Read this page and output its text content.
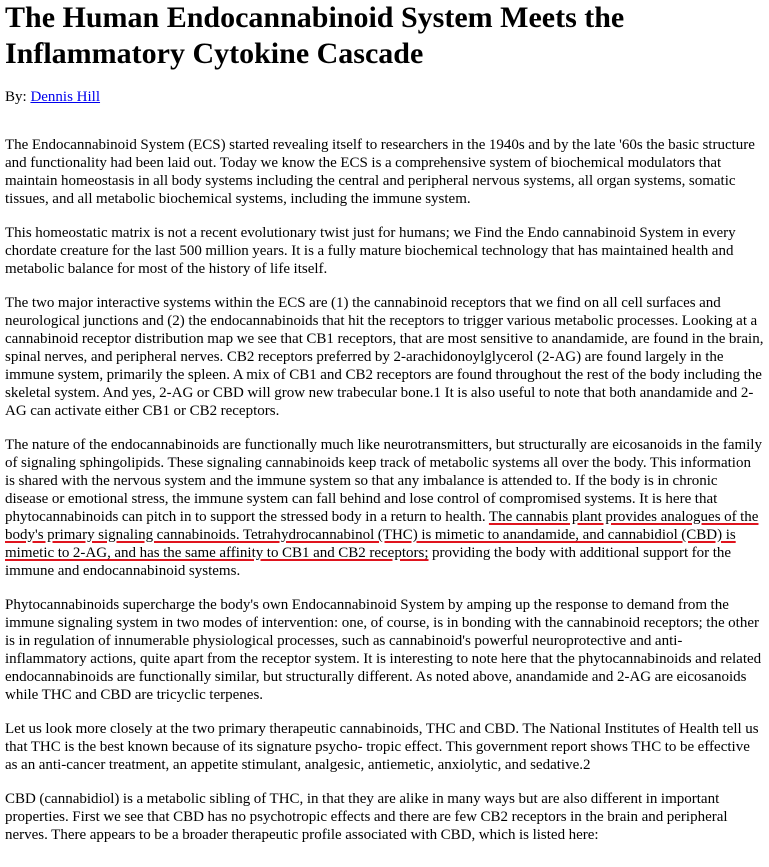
The Human Endocannabinoid System Meets the Inflammatory Cytokine Cascade
By: Dennis Hill

The Endocannabinoid System (ECS) started revealing itself to researchers in the 1940s and by the late '60s the basic structure and functionality had been laid out. Today we know the ECS is a comprehensive system of biochemical modulators that maintain homeostasis in all body systems including the central and peripheral nervous systems, all organ systems, somatic tissues, and all metabolic biochemical systems, including the immune system.

This homeostatic matrix is not a recent evolutionary twist just for humans; we Find the Endo cannabinoid System in every chordate creature for the last 500 million years. It is a fully mature biochemical technology that has maintained health and metabolic balance for most of the history of life itself.

The two major interactive systems within the ECS are (1) the cannabinoid receptors that we find on all cell surfaces and neurological junctions and (2) the endocannabinoids that hit the receptors to trigger various metabolic processes. Looking at a cannabinoid receptor distribution map we see that CB1 receptors, that are most sensitive to anandamide, are found in the brain, spinal nerves, and peripheral nerves. CB2 receptors preferred by 2-arachidonoylglycerol (2-AG) are found largely in the immune system, primarily the spleen. A mix of CB1 and CB2 receptors are found throughout the rest of the body including the skeletal system. And yes, 2-AG or CBD will grow new trabecular bone.1 It is also useful to note that both anandamide and 2-AG can activate either CB1 or CB2 receptors.

The nature of the endocannabinoids are functionally much like neurotransmitters, but structurally are eicosanoids in the family of signaling sphingolipids. These signaling cannabinoids keep track of metabolic systems all over the body. This information is shared with the nervous system and the immune system so that any imbalance is attended to. If the body is in chronic disease or emotional stress, the immune system can fall behind and lose control of compromised systems. It is here that phytocannabinoids can pitch in to support the stressed body in a return to health. The cannabis plant provides analogues of the body's primary signaling cannabinoids. Tetrahydrocannabinol (THC) is mimetic to anandamide, and cannabidiol (CBD) is mimetic to 2-AG, and has the same affinity to CB1 and CB2 receptors; providing the body with additional support for the immune and endocannabinoid systems.

Phytocannabinoids supercharge the body's own Endocannabinoid System by amping up the response to demand from the immune signaling system in two modes of intervention: one, of course, is in bonding with the cannabinoid receptors; the other is in regulation of innumerable physiological processes, such as cannabinoid's powerful neuroprotective and anti-inflammatory actions, quite apart from the receptor system. It is interesting to note here that the phytocannabinoids and related endocannabinoids are functionally similar, but structurally different. As noted above, anandamide and 2-AG are eicosanoids while THC and CBD are tricyclic terpenes.

Let us look more closely at the two primary therapeutic cannabinoids, THC and CBD. The National Institutes of Health tell us that THC is the best known because of its signature psycho- tropic effect. This government report shows THC to be effective as an anti-cancer treatment, an appetite stimulant, analgesic, antiemetic, anxiolytic, and sedative.2

CBD (cannabidiol) is a metabolic sibling of THC, in that they are alike in many ways but are also different in important properties. First we see that CBD has no psychotropic effects and there are few CB2 receptors in the brain and peripheral nerves. There appears to be a broader therapeutic profile associated with CBD, which is listed here:
